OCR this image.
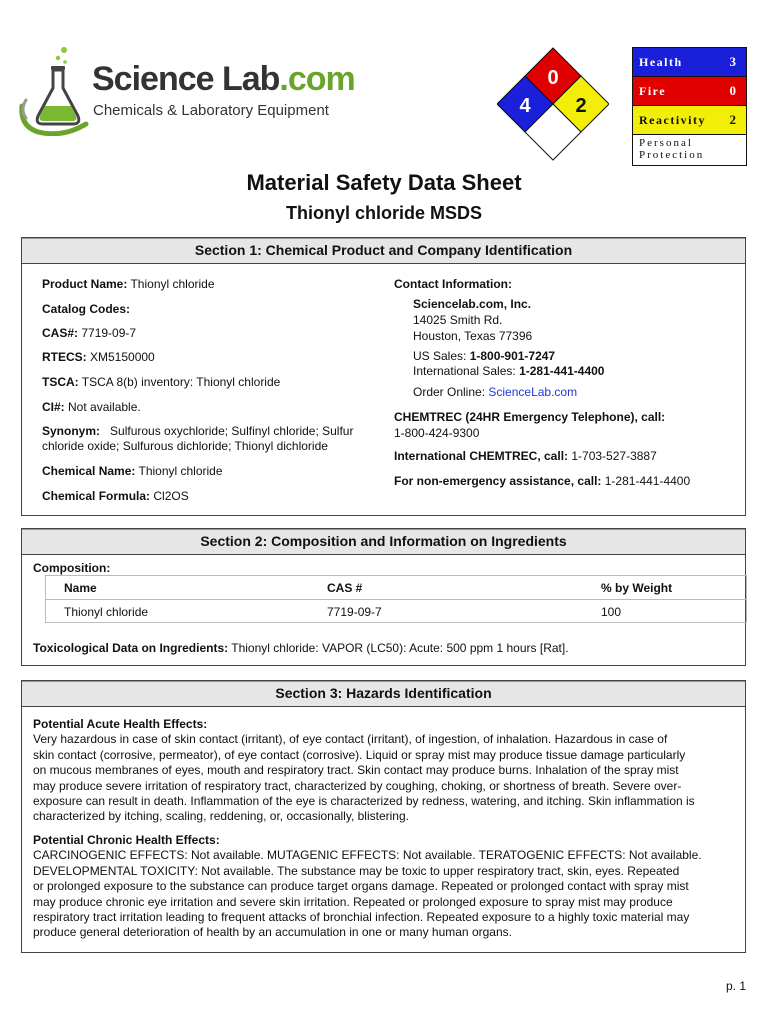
Science Lab.com
Chemicals & Laboratory Equipment
0
4 2
Health	3
Fire	0
Reactivity 2
Personal Protection
Material Safety Data Sheet
Thionyl chloride MSDS
Section 1: Chemical Product and Company Identification
Product Name: Thionyl chloride
Catalog Codes:
CAS#: 7719-09-7
RTECS: XM5150000
TSCA: TSCA 8(b) inventory: Thionyl chloride
CI#: Not available.
Synonym:   Sulfurous oxychloride; Sulfinyl chloride; Sulfur
chloride oxide; Sulfurous dichloride; Thionyl dichloride
Chemical Name: Thionyl chloride
Chemical Formula: Cl2OS
Contact Information:
Sciencelab.com, Inc.
14025 Smith Rd.
Houston, Texas 77396
US Sales: 1-800-901-7247
International Sales: 1-281-441-4400
Order Online: ScienceLab.com
CHEMTREC (24HR Emergency Telephone), call:
1-800-424-9300
International CHEMTREC, call: 1-703-527-3887
For non-emergency assistance, call: 1-281-441-4400
Section 2: Composition and Information on Ingredients
Composition:
Name	CAS #	% by Weight
Thionyl chloride	7719-09-7	100
Toxicological Data on Ingredients: Thionyl chloride: VAPOR (LC50): Acute: 500 ppm 1 hours [Rat].
Section 3: Hazards Identification
Potential Acute Health Effects:
Very hazardous in case of skin contact (irritant), of eye contact (irritant), of ingestion, of inhalation. Hazardous in case of
skin contact (corrosive, permeator), of eye contact (corrosive). Liquid or spray mist may produce tissue damage particularly
on mucous membranes of eyes, mouth and respiratory tract. Skin contact may produce burns. Inhalation of the spray mist
may produce severe irritation of respiratory tract, characterized by coughing, choking, or shortness of breath. Severe over-
exposure can result in death. Inflammation of the eye is characterized by redness, watering, and itching. Skin inflammation is
characterized by itching, scaling, reddening, or, occasionally, blistering.
Potential Chronic Health Effects:
CARCINOGENIC EFFECTS: Not available. MUTAGENIC EFFECTS: Not available. TERATOGENIC EFFECTS: Not available.
DEVELOPMENTAL TOXICITY: Not available. The substance may be toxic to upper respiratory tract, skin, eyes. Repeated
or prolonged exposure to the substance can produce target organs damage. Repeated or prolonged contact with spray mist
may produce chronic eye irritation and severe skin irritation. Repeated or prolonged exposure to spray mist may produce
respiratory tract irritation leading to frequent attacks of bronchial infection. Repeated exposure to a highly toxic material may
produce general deterioration of health by an accumulation in one or many human organs.
p. 1
